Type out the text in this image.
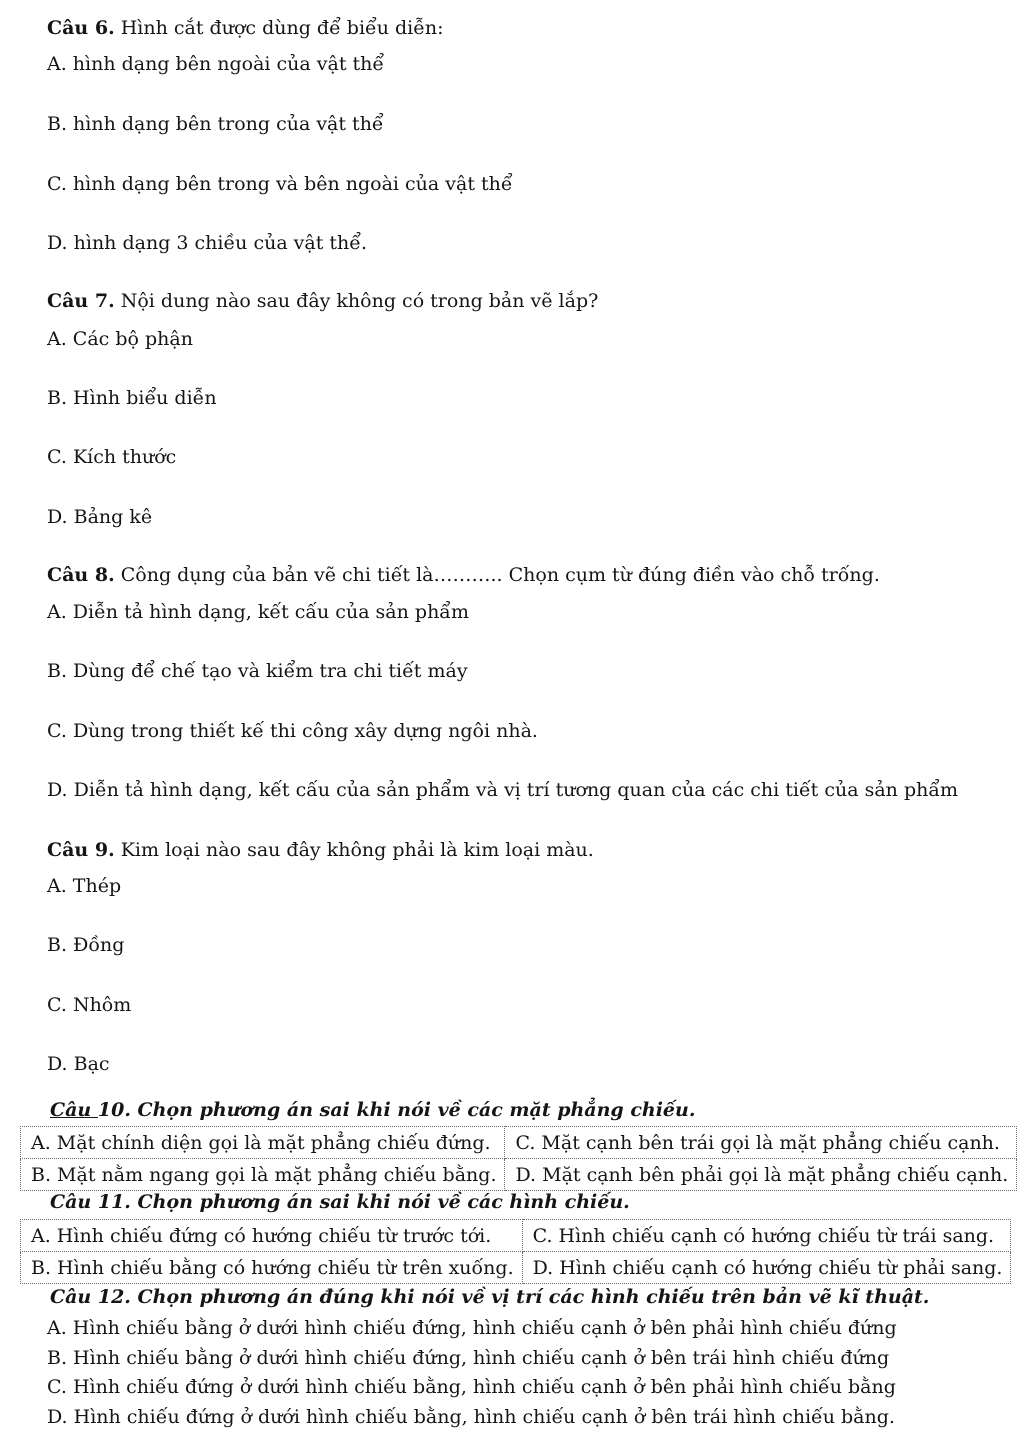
Câu 6. Hình cắt được dùng để biểu diễn:
A. hình dạng bên ngoài của vật thể
B. hình dạng bên trong của vật thể
C. hình dạng bên trong và bên ngoài của vật thể
D. hình dạng 3 chiều của vật thể.
Câu 7. Nội dung nào sau đây không có trong bản vẽ lắp?
A. Các bộ phận
B. Hình biểu diễn
C. Kích thước
D. Bảng kê
Câu 8. Công dụng của bản vẽ chi tiết là……….. Chọn cụm từ đúng điền vào chỗ trống.
A. Diễn tả hình dạng, kết cấu của sản phẩm
B. Dùng để chế tạo và kiểm tra chi tiết máy
C. Dùng trong thiết kế thi công xây dựng ngôi nhà.
D. Diễn tả hình dạng, kết cấu của sản phẩm và vị trí tương quan của các chi tiết của sản phẩm
Câu 9. Kim loại nào sau đây không phải là kim loại màu.
A. Thép
B. Đồng
C. Nhôm
D. Bạc
Câu 10. Chọn phương án sai khi nói về các mặt phẳng chiếu.
A. Mặt chính diện gọi là mặt phẳng chiếu đứng.	C. Mặt cạnh bên trái gọi là mặt phẳng chiếu cạnh.
B. Mặt nằm ngang gọi là mặt phẳng chiếu bằng.	D. Mặt cạnh bên phải gọi là mặt phẳng chiếu cạnh.
Câu 11. Chọn phương án sai khi nói về các hình chiếu.
A. Hình chiếu đứng có hướng chiếu từ trước tới.	C. Hình chiếu cạnh có hướng chiếu từ trái sang.
B. Hình chiếu bằng có hướng chiếu từ trên xuống.	D. Hình chiếu cạnh có hướng chiếu từ phải sang.
Câu 12. Chọn phương án đúng khi nói về vị trí các hình chiếu trên bản vẽ kĩ thuật.
A. Hình chiếu bằng ở dưới hình chiếu đứng, hình chiếu cạnh ở bên phải hình chiếu đứng
B. Hình chiếu bằng ở dưới hình chiếu đứng, hình chiếu cạnh ở bên trái hình chiếu đứng
C. Hình chiếu đứng ở dưới hình chiếu bằng, hình chiếu cạnh ở bên phải hình chiếu bằng
D. Hình chiếu đứng ở dưới hình chiếu bằng, hình chiếu cạnh ở bên trái hình chiếu bằng.
